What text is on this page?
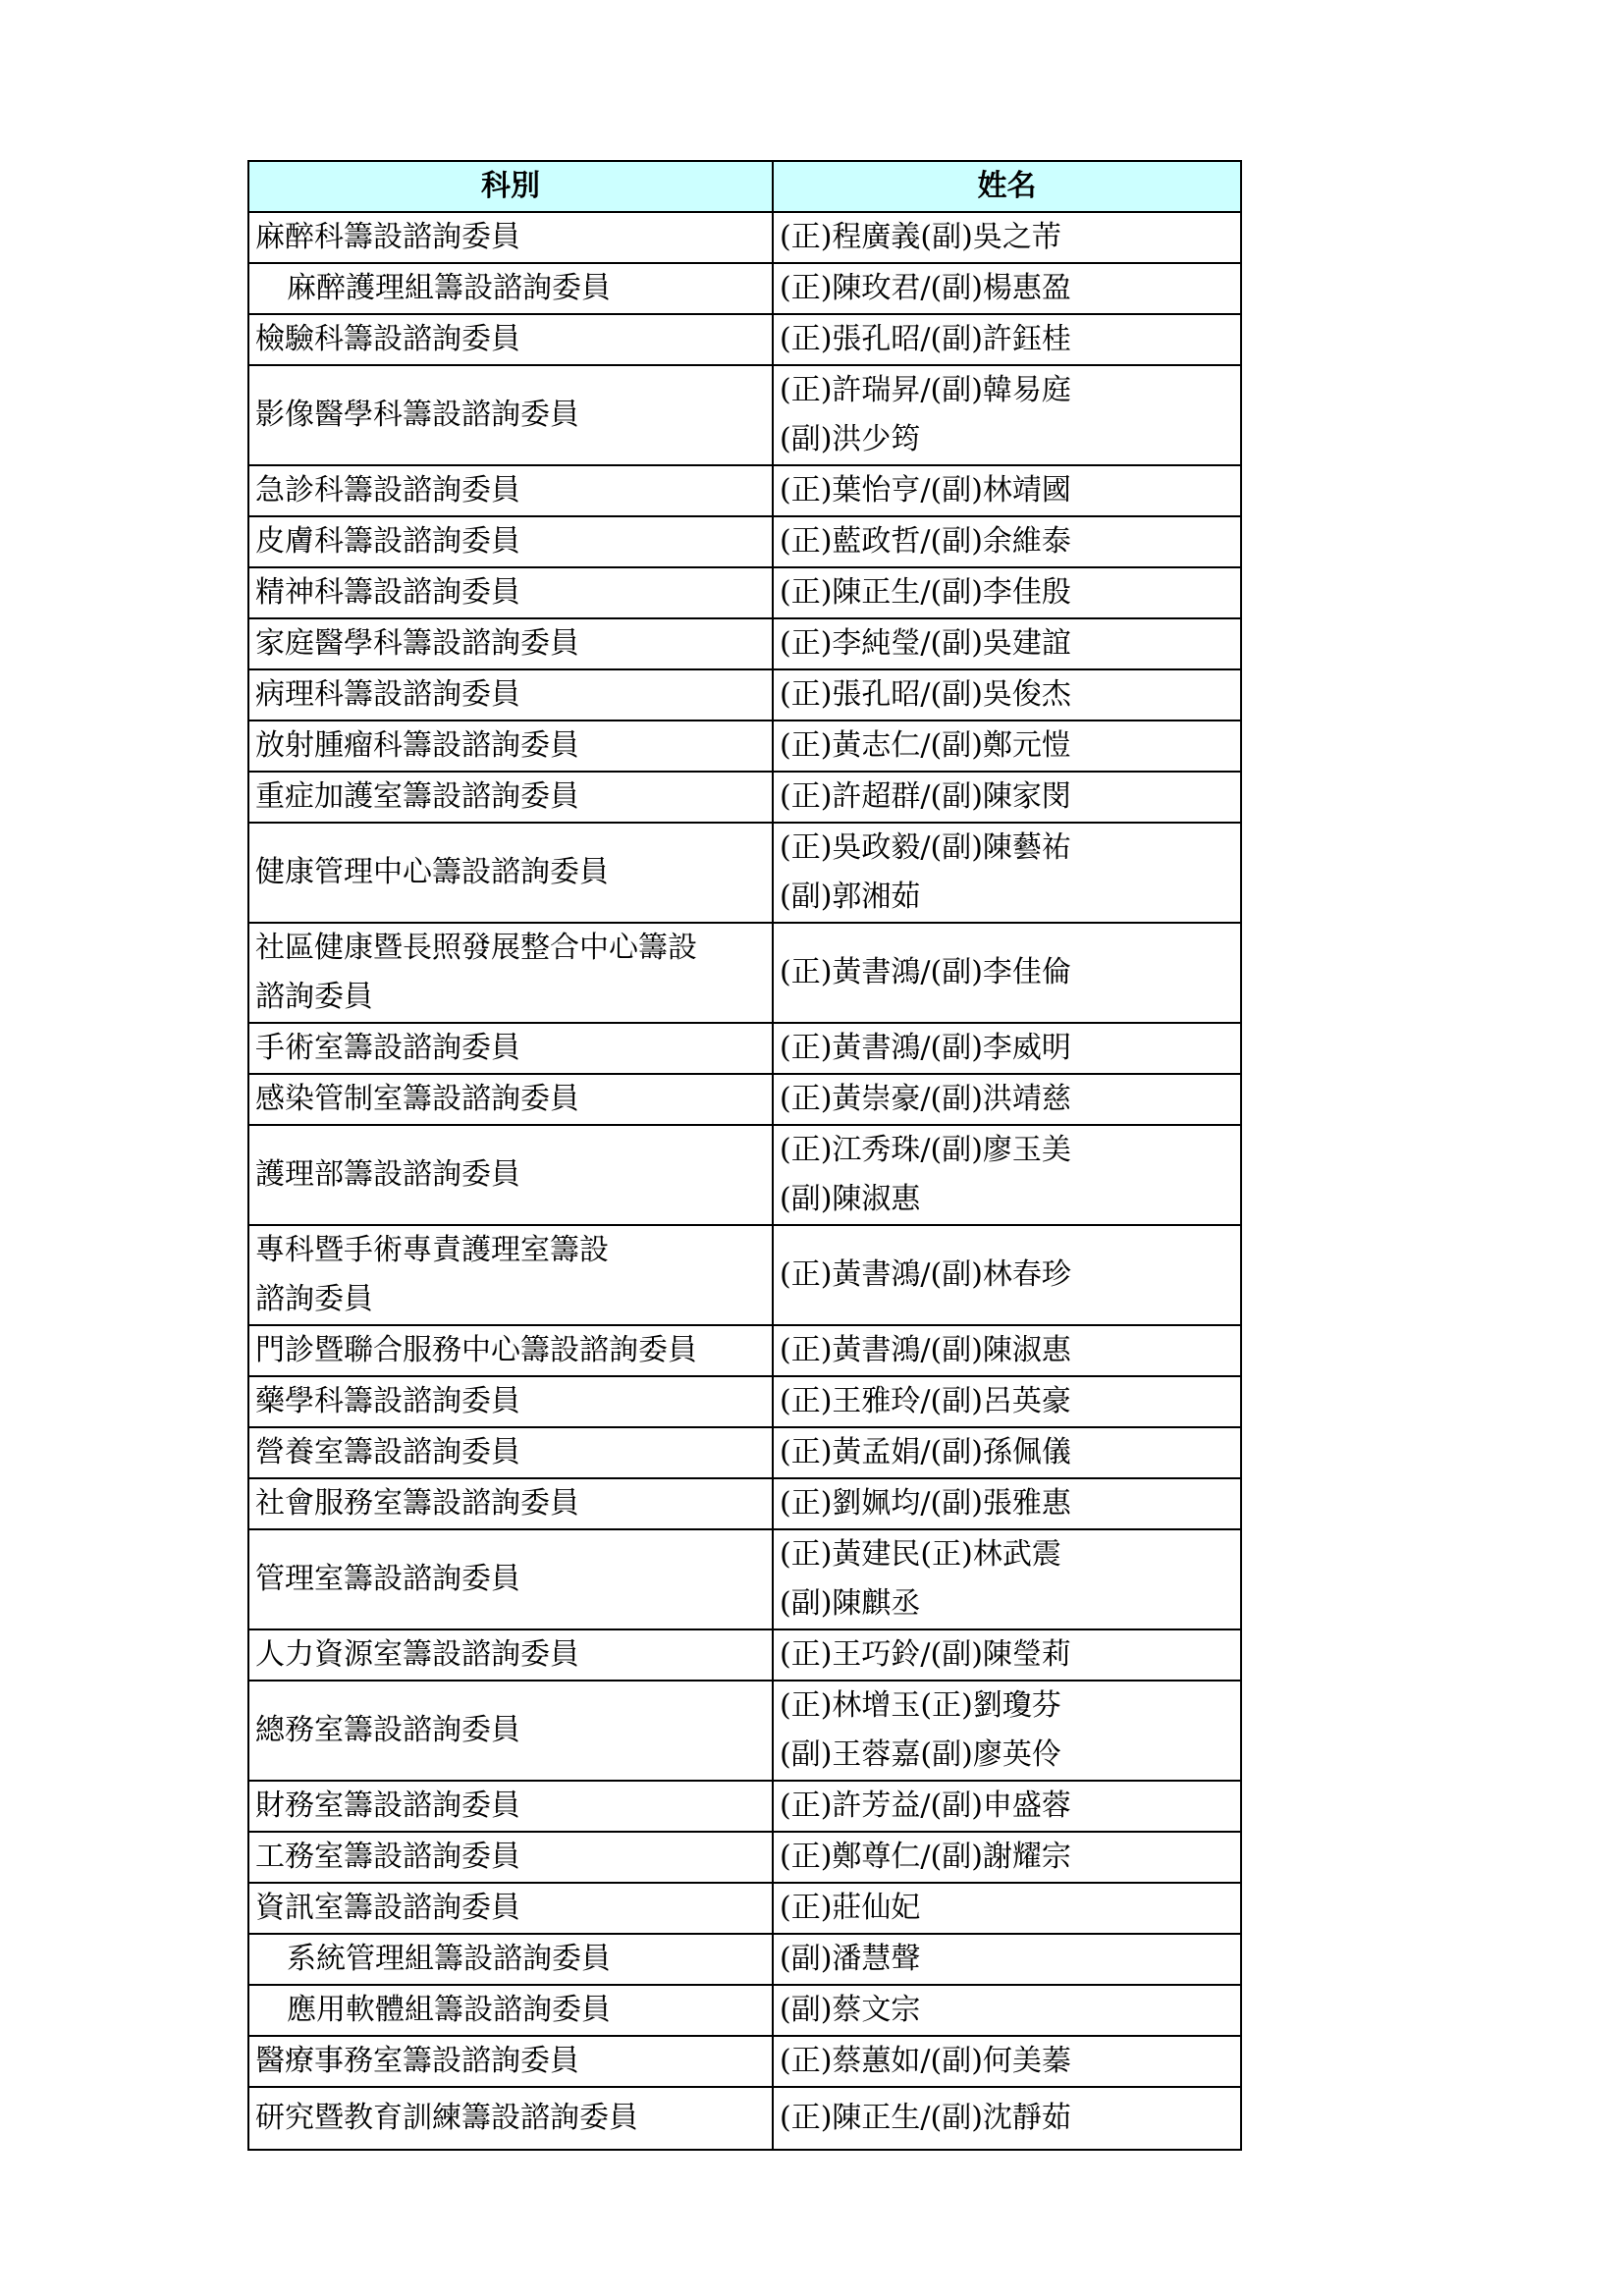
科別	姓名

麻醉科籌設諮詢委員	(正)程廣義(副)吳之芾

麻醉護理組籌設諮詢委員	(正)陳玫君/(副)楊惠盈

檢驗科籌設諮詢委員	(正)張孔昭/(副)許鈺桂

影像醫學科籌設諮詢委員	(正)許瑞昇/(副)韓易庭
(副)洪少筠

急診科籌設諮詢委員	(正)葉怡亨/(副)林靖國

皮膚科籌設諮詢委員	(正)藍政哲/(副)余維泰

精神科籌設諮詢委員	(正)陳正生/(副)李佳殷

家庭醫學科籌設諮詢委員	(正)李純瑩/(副)吳建誼

病理科籌設諮詢委員	(正)張孔昭/(副)吳俊杰

放射腫瘤科籌設諮詢委員	(正)黃志仁/(副)鄭元愷

重症加護室籌設諮詢委員	(正)許超群/(副)陳家閔

健康管理中心籌設諮詢委員	(正)吳政毅/(副)陳藝祐
(副)郭湘茹

社區健康暨長照發展整合中心籌設
諮詢委員	(正)黃書鴻/(副)李佳倫

手術室籌設諮詢委員	(正)黃書鴻/(副)李威明

感染管制室籌設諮詢委員	(正)黃崇豪/(副)洪靖慈

護理部籌設諮詢委員	(正)江秀珠/(副)廖玉美
(副)陳淑惠

專科暨手術專責護理室籌設
諮詢委員	(正)黃書鴻/(副)林春珍

門診暨聯合服務中心籌設諮詢委員	(正)黃書鴻/(副)陳淑惠

藥學科籌設諮詢委員	(正)王雅玲/(副)呂英豪

營養室籌設諮詢委員	(正)黃孟娟/(副)孫佩儀

社會服務室籌設諮詢委員	(正)劉姵均/(副)張雅惠

管理室籌設諮詢委員	(正)黃建民(正)林武震
(副)陳麒丞

人力資源室籌設諮詢委員	(正)王巧鈴/(副)陳瑩莉

總務室籌設諮詢委員	(正)林增玉(正)劉瓊芬
(副)王蓉嘉(副)廖英伶

財務室籌設諮詢委員	(正)許芳益/(副)申盛蓉

工務室籌設諮詢委員	(正)鄭尊仁/(副)謝耀宗

資訊室籌設諮詢委員	(正)莊仙妃

系統管理組籌設諮詢委員	(副)潘慧聲

應用軟體組籌設諮詢委員	(副)蔡文宗

醫療事務室籌設諮詢委員	(正)蔡蕙如/(副)何美蓁

研究暨教育訓練籌設諮詢委員	(正)陳正生/(副)沈靜茹
